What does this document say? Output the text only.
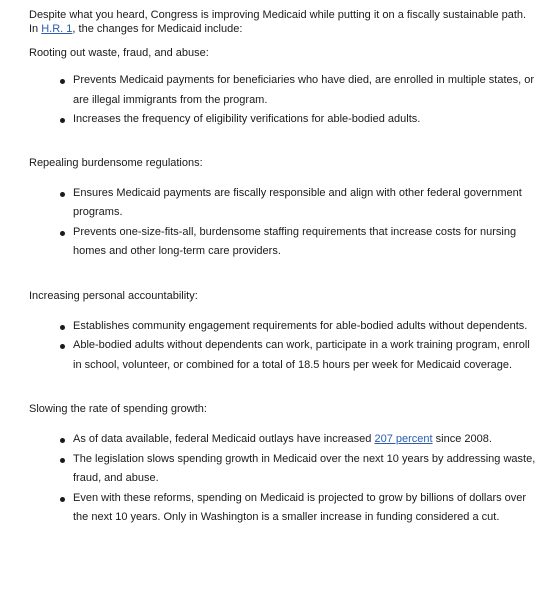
Despite what you heard, Congress is improving Medicaid while putting it on a fiscally sustainable path.
In H.R. 1, the changes for Medicaid include:

Rooting out waste, fraud, and abuse:

Prevents Medicaid payments for beneficiaries who have died, are enrolled in multiple states, or are illegal immigrants from the program.
Increases the frequency of eligibility verifications for able-bodied adults.

Repealing burdensome regulations:

Ensures Medicaid payments are fiscally responsible and align with other federal government programs.
Prevents one-size-fits-all, burdensome staffing requirements that increase costs for nursing homes and other long-term care providers.

Increasing personal accountability:

Establishes community engagement requirements for able-bodied adults without dependents.
Able-bodied adults without dependents can work, participate in a work training program, enroll in school, volunteer, or combined for a total of 18.5 hours per week for Medicaid coverage.

Slowing the rate of spending growth:

As of data available, federal Medicaid outlays have increased 207 percent since 2008.
The legislation slows spending growth in Medicaid over the next 10 years by addressing waste, fraud, and abuse.
Even with these reforms, spending on Medicaid is projected to grow by billions of dollars over the next 10 years. Only in Washington is a smaller increase in funding considered a cut.
